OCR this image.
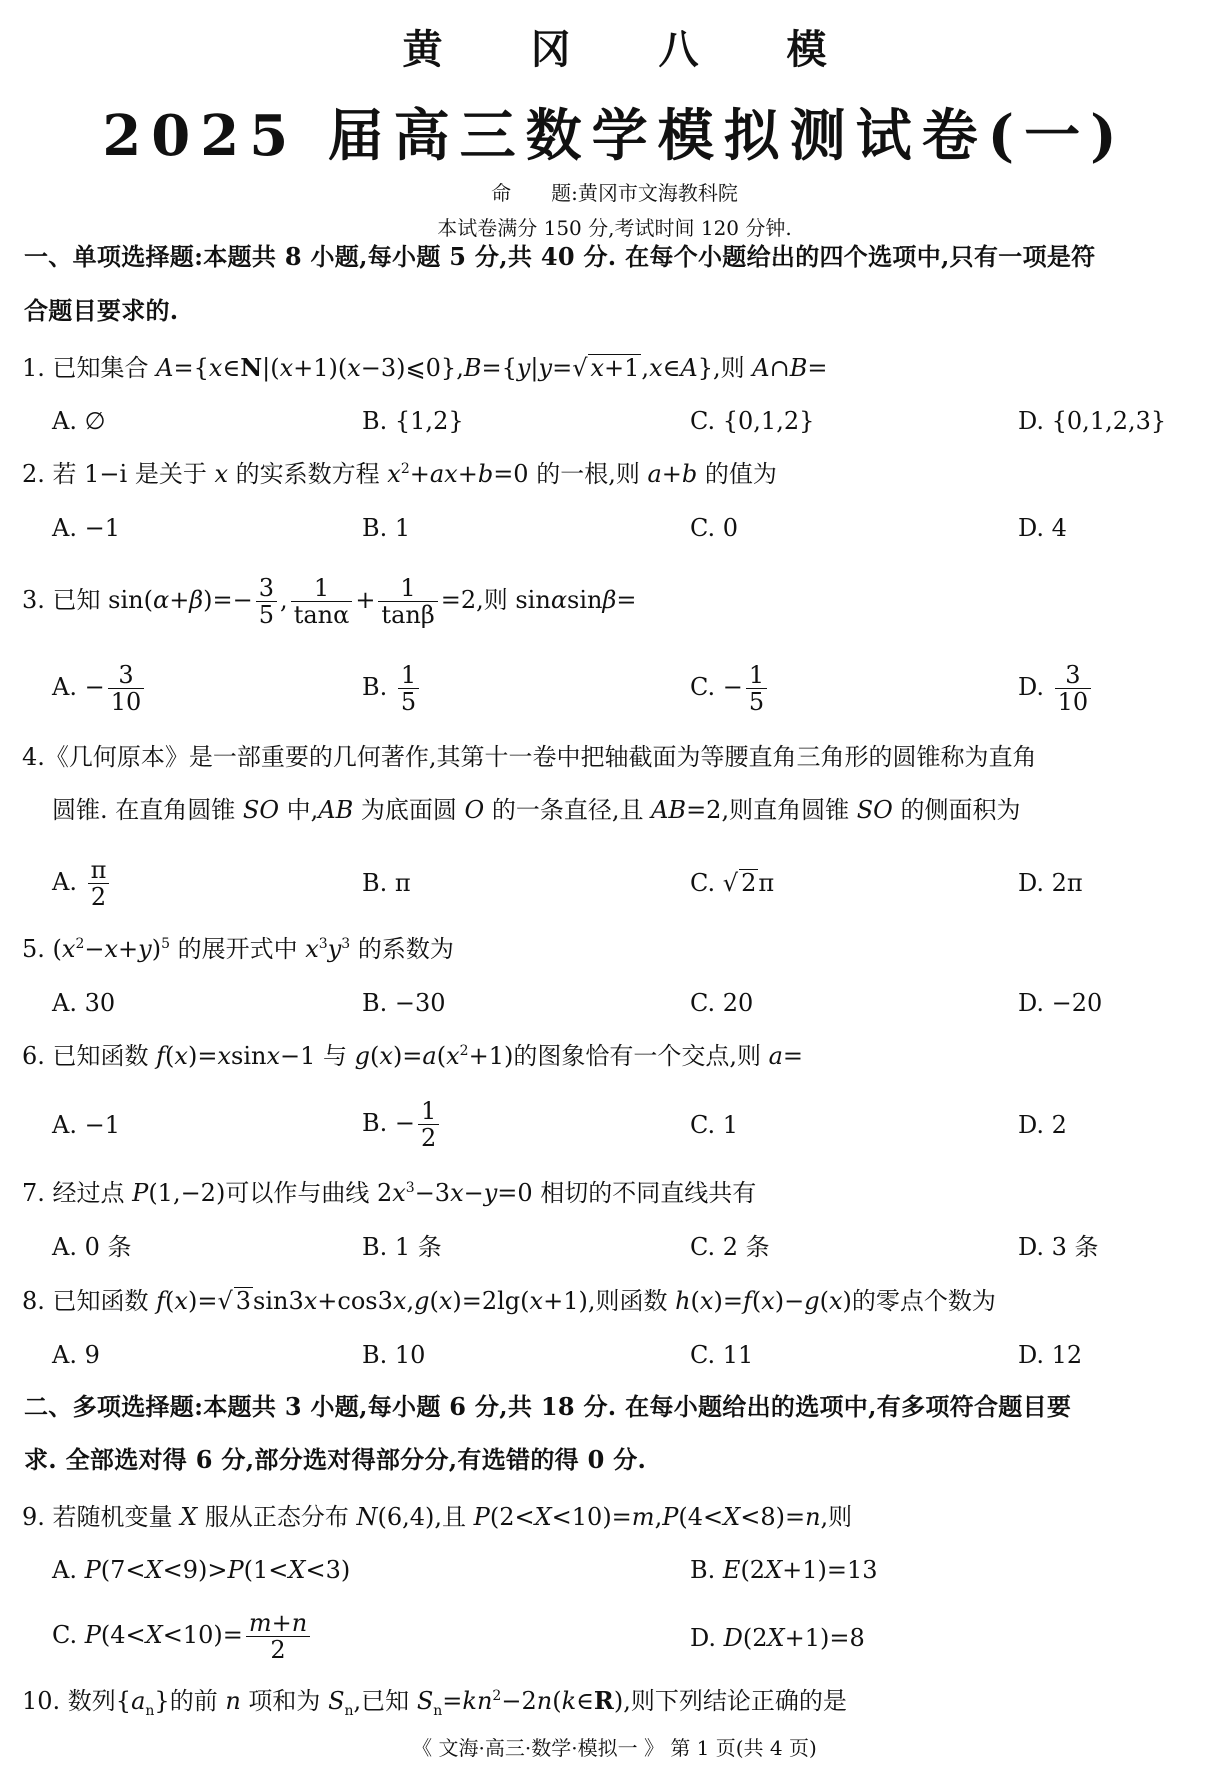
黄冈八模
2025 届高三数学模拟测试卷(一)
命　　题:黄冈市文海教科院
本试卷满分 150 分,考试时间 120 分钟.
一、单项选择题:本题共 8 小题,每小题 5 分,共 40 分. 在每个小题给出的四个选项中,只有一项是符
合题目要求的.
1. 已知集合 A={x∈N|(x+1)(x−3)⩽0},B={y|y=√ x+1,x∈A},则 A∩B=
A. ∅	B. {1,2}	C. {0,1,2}	D. {0,1,2,3}
2. 若 1−i 是关于 x 的实系数方程 $x^2+ax+b=0$ 的一根,则 a+b 的值为
A. −1	B. 1	C. 0	D. 4
3. 已知 $\sin(\alpha+\beta)=- \frac{3}{5}$ , $\frac{1}{\tan\alpha} + \frac{1}{\tan\beta} =2$,则 sinαsinβ=
A. − $\frac{3}{10}$	B. $\frac{1}{5}$	C. − $\frac{1}{5}$	D. $\frac{3}{10}$
4.《几何原本》是一部重要的几何著作,其第十一卷中把轴截面为等腰直角三角形的圆锥称为直角
圆锥. 在直角圆锥 SO 中,AB 为底面圆 O 的一条直径,且 AB=2,则直角圆锥 SO 的侧面积为
A. $\frac{\pi}{2}$	B. π	C. √ 2π	D. 2π
5. $(x^2-x+y)^5$ 的展开式中 $x^3y^3$ 的系数为
A. 30	B. −30	C. 20	D. −20
6. 已知函数 f(x)=xsinx−1 与 $g(x)=a(x^2+1)$的图象恰有一个交点,则 a=
A. −1	B. − $\frac{1}{2}$	C. 1	D. 2
7. 经过点 P(1,−2)可以作与曲线 $2x^3-3x-y=0$ 相切的不同直线共有
A. 0 条	B. 1 条	C. 2 条	D. 3 条
8. 已知函数 f(x)=√ 3sin3x+cos3x,g(x)=2lg(x+1),则函数 h(x)=f(x)−g(x)的零点个数为
A. 9	B. 10	C. 11	D. 12
二、多项选择题:本题共 3 小题,每小题 6 分,共 18 分. 在每小题给出的选项中,有多项符合题目要
求. 全部选对得 6 分,部分选对得部分分,有选错的得 0 分.
9. 若随机变量 X 服从正态分布 N(6,4),且 P(2<X<10)=m,P(4<X<8)=n,则
A. P(7<X<9)>P(1<X<3)	B. E(2X+1)=13
C. $P(4<X<10)= \frac{m+n}{2}$	D. D(2X+1)=8
10. 数列$\{a_n\}$的前 n 项和为 $S_n$,已知 $S_n=kn^2-2n(k\in R)$,则下列结论正确的是
《 文海·高三·数学·模拟一 》 第 1 页(共 4 页)
